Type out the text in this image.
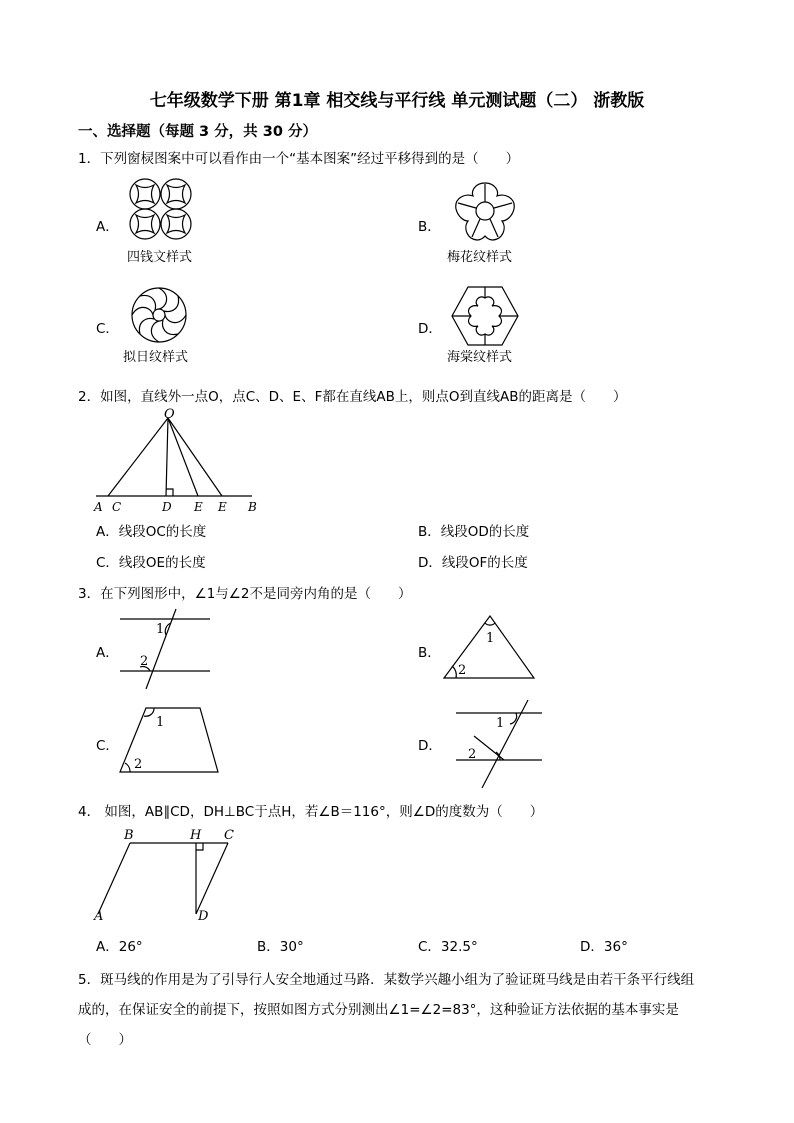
七年级数学下册 第1章 相交线与平行线 单元测试题（二） 浙教版
一、选择题（每题 3 分，共 30 分）
1．下列窗棂图案中可以看作由一个“基本图案”经过平移得到的是（　　）
A．
四钱文样式
B．
梅花纹样式
C．
拟日纹样式
D．
海棠纹样式
2．如图，直线外一点O，点C、D、E、F都在直线AB上，则点O到直线AB的距离是（　　）
O
A C	D E E B
A．线段OC的长度	B．线段OD的长度
C．线段OE的长度	D．线段OF的长度
3．在下列图形中，∠1与∠2不是同旁内角的是（　　）
A．
1
2
B．
1
2
C．
1
2
D．
1
2
4． 如图，AB∥CD，DH⊥BC于点H，若∠B＝116°，则∠D的度数为（　　）
B	H C
A	D
A．26°	B．30°	C．32.5°	D．36°
5．斑马线的作用是为了引导行人安全地通过马路．某数学兴趣小组为了验证斑马线是由若干条平行线组
成的，在保证安全的前提下，按照如图方式分别测出∠1=∠2=83°，这种验证方法依据的基本事实是
（　　）
